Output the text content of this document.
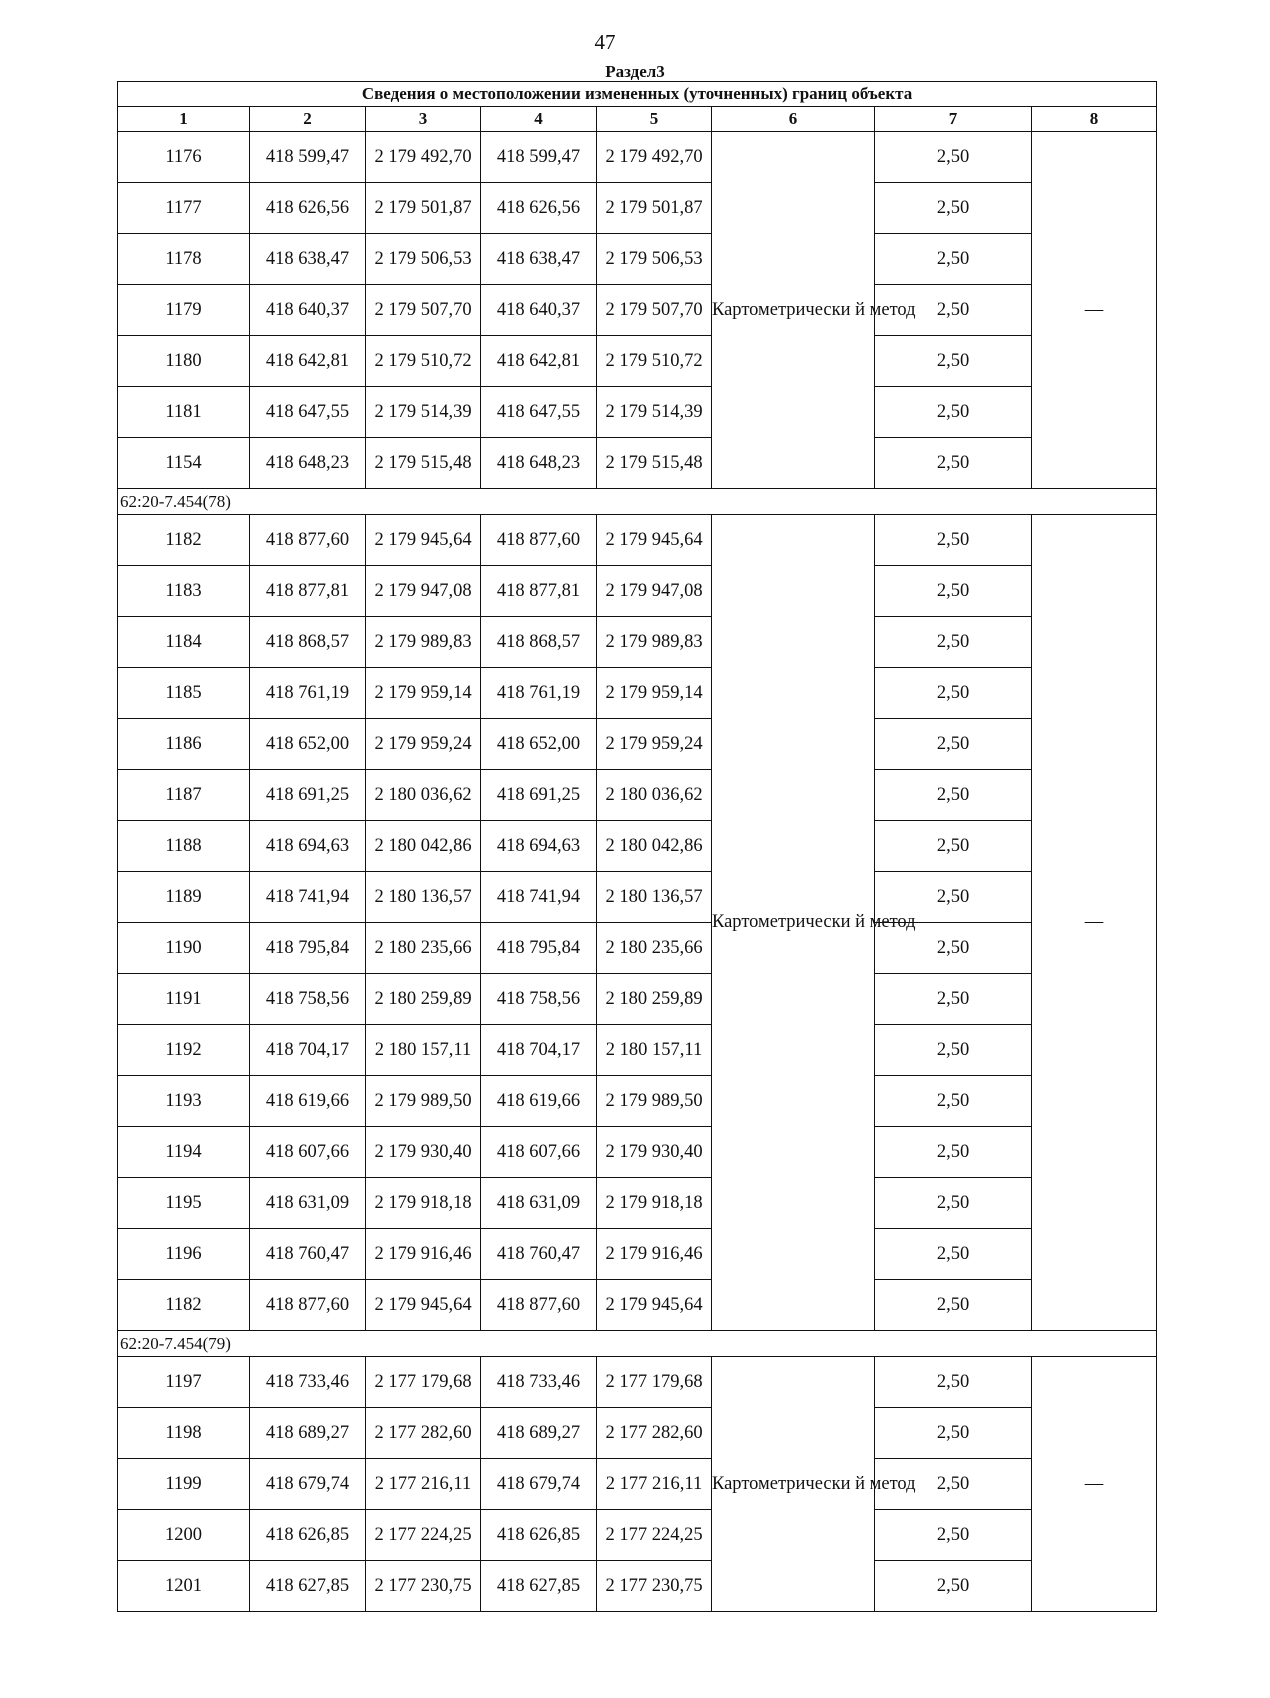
47
Раздел3
Сведения о местоположении измененных (уточненных) границ объекта							
1	2	3	4	5	6	7	8
1176	418 599,47	2 179 492,70	418 599,47	2 179 492,70	Картометрически й метод	2,50	—
1177	418 626,56	2 179 501,87	418 626,56	2 179 501,87		2,50	
1178	418 638,47	2 179 506,53	418 638,47	2 179 506,53		2,50	
1179	418 640,37	2 179 507,70	418 640,37	2 179 507,70		2,50	
1180	418 642,81	2 179 510,72	418 642,81	2 179 510,72		2,50	
1181	418 647,55	2 179 514,39	418 647,55	2 179 514,39		2,50	
1154	418 648,23	2 179 515,48	418 648,23	2 179 515,48		2,50	
62:20-7.454(78)							
1182	418 877,60	2 179 945,64	418 877,60	2 179 945,64	Картометрически й метод	2,50	—
1183	418 877,81	2 179 947,08	418 877,81	2 179 947,08		2,50	
1184	418 868,57	2 179 989,83	418 868,57	2 179 989,83		2,50	
1185	418 761,19	2 179 959,14	418 761,19	2 179 959,14		2,50	
1186	418 652,00	2 179 959,24	418 652,00	2 179 959,24		2,50	
1187	418 691,25	2 180 036,62	418 691,25	2 180 036,62		2,50	
1188	418 694,63	2 180 042,86	418 694,63	2 180 042,86		2,50	
1189	418 741,94	2 180 136,57	418 741,94	2 180 136,57		2,50	
1190	418 795,84	2 180 235,66	418 795,84	2 180 235,66		2,50	
1191	418 758,56	2 180 259,89	418 758,56	2 180 259,89		2,50	
1192	418 704,17	2 180 157,11	418 704,17	2 180 157,11		2,50	
1193	418 619,66	2 179 989,50	418 619,66	2 179 989,50		2,50	
1194	418 607,66	2 179 930,40	418 607,66	2 179 930,40		2,50	
1195	418 631,09	2 179 918,18	418 631,09	2 179 918,18		2,50	
1196	418 760,47	2 179 916,46	418 760,47	2 179 916,46		2,50	
1182	418 877,60	2 179 945,64	418 877,60	2 179 945,64		2,50	
62:20-7.454(79)							
1197	418 733,46	2 177 179,68	418 733,46	2 177 179,68	Картометрически й метод	2,50	—
1198	418 689,27	2 177 282,60	418 689,27	2 177 282,60		2,50	
1199	418 679,74	2 177 216,11	418 679,74	2 177 216,11		2,50	
1200	418 626,85	2 177 224,25	418 626,85	2 177 224,25		2,50	
1201	418 627,85	2 177 230,75	418 627,85	2 177 230,75		2,50	
